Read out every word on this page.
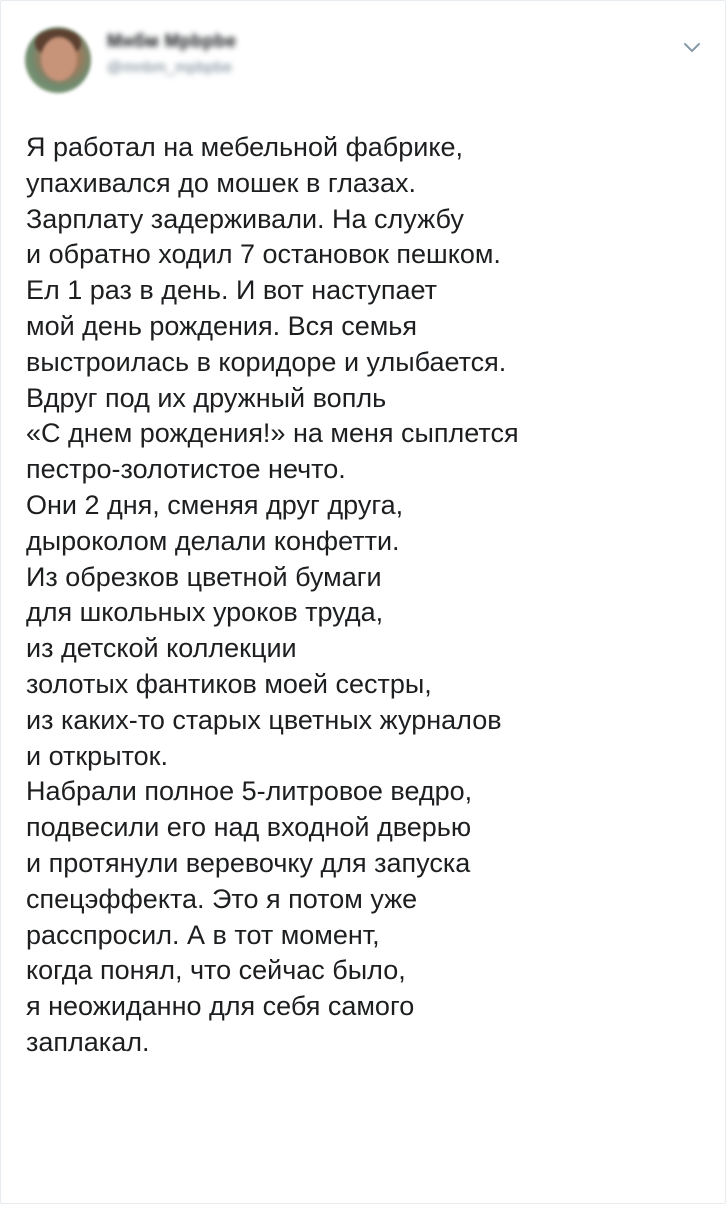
Mнбм Mpbpbe
@mnbm_mpbpbe
Я работал на мебельной фабрике,
упахивался до мошек в глазах.
Зарплату задерживали. На службу
и обратно ходил 7 остановок пешком.
Ел 1 раз в день. И вот наступает
мой день рождения. Вся семья
выстроилась в коридоре и улыбается.
Вдруг под их дружный вопль
«С днем рождения!» на меня сыплется
пестро-золотистое нечто.
Они 2 дня, сменяя друг друга,
дыроколом делали конфетти.
Из обрезков цветной бумаги
для школьных уроков труда,
из детской коллекции
золотых фантиков моей сестры,
из каких-то старых цветных журналов
и открыток.
Набрали полное 5-литровое ведро,
подвесили его над входной дверью
и протянули веревочку для запуска
спецэффекта. Это я потом уже
расспросил. А в тот момент,
когда понял, что сейчас было,
я неожиданно для себя самого
заплакал.
